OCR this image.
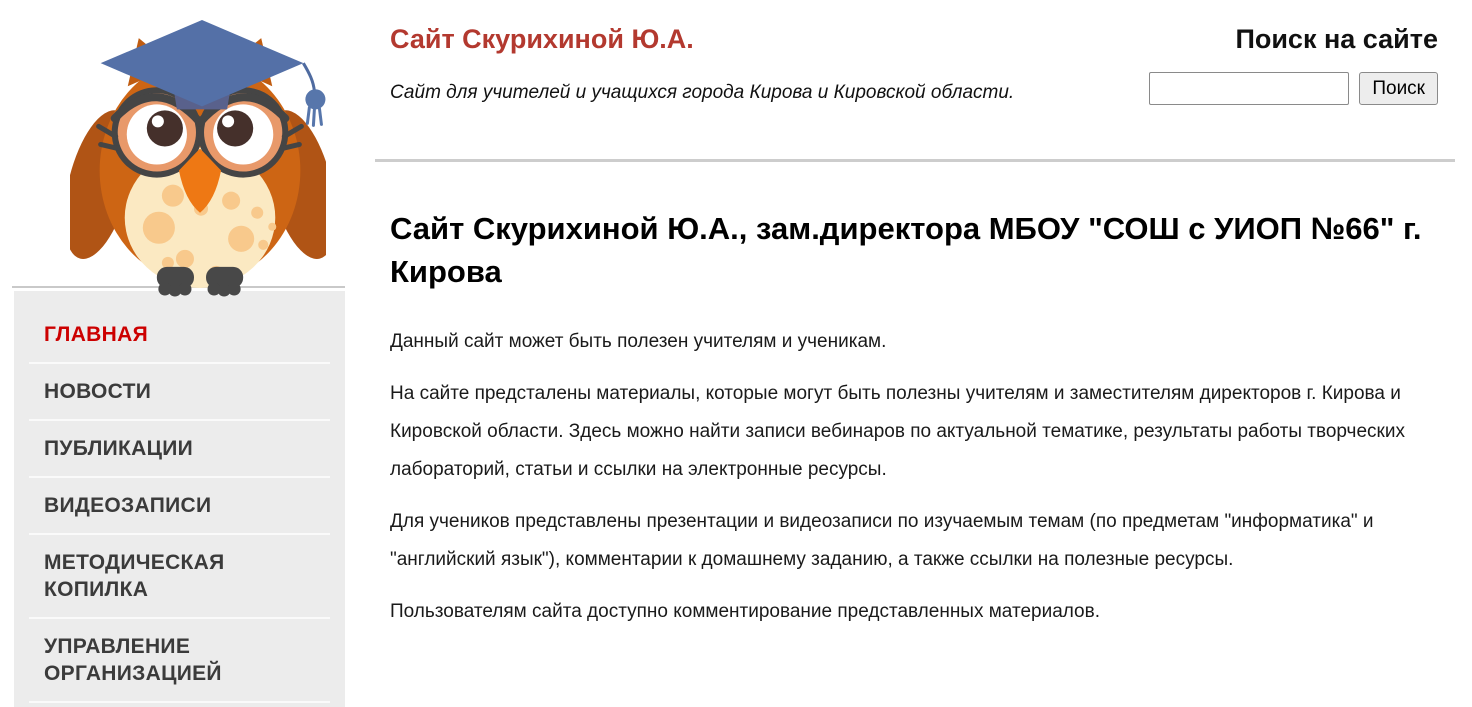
ГЛАВНАЯ
НОВОСТИ
ПУБЛИКАЦИИ
ВИДЕОЗАПИСИ
МЕТОДИЧЕСКАЯ КОПИЛКА
УПРАВЛЕНИЕ ОРГАНИЗАЦИЕЙ
Сайт Скурихиной Ю.А.
Сайт для учителей и учащихся города Кирова и Кировской области.
Поиск на сайте
Поиск
Сайт Скурихиной Ю.А., зам.директора МБОУ "СОШ с УИОП №66" г. Кирова

Данный сайт может быть полезен учителям и ученикам.

На сайте предсталены материалы, которые могут быть полезны учителям и заместителям директоров г. Кирова и Кировской области. Здесь можно найти записи вебинаров по актуальной тематике, результаты работы творческих лабораторий, статьи и ссылки на электронные ресурсы.

Для учеников представлены презентации и видеозаписи по изучаемым темам (по предметам "информатика" и "английский язык"), комментарии к домашнему заданию, а также ссылки на полезные ресурсы.

Пользователям сайта доступно комментирование представленных материалов.
